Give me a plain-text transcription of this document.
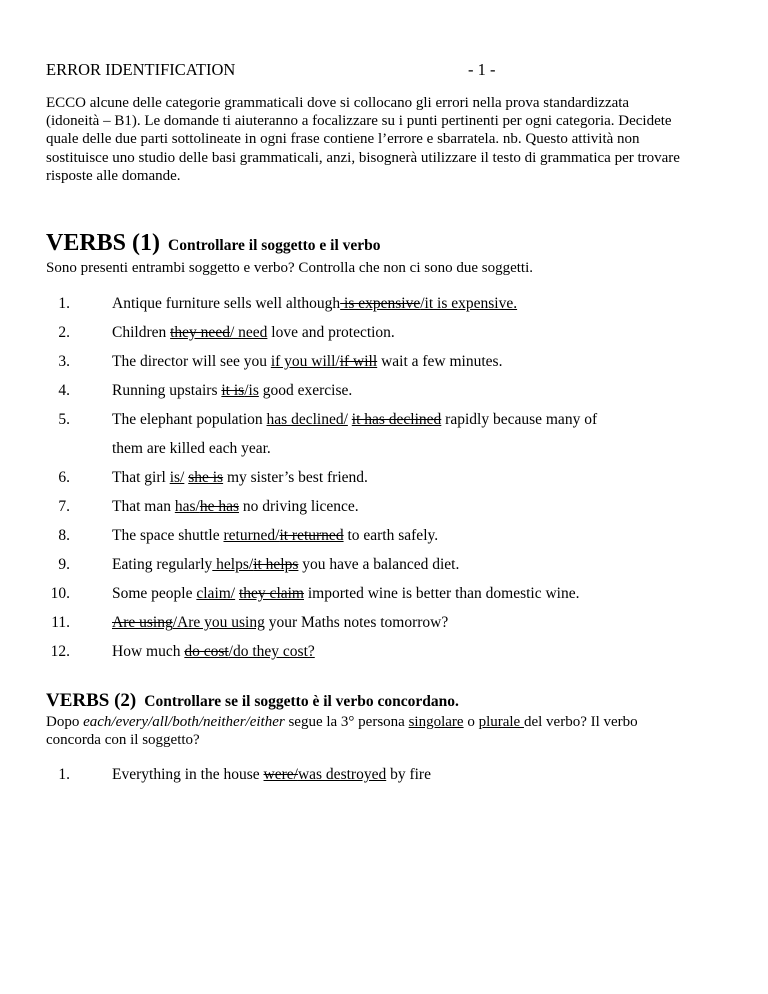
ERROR IDENTIFICATION	- 1 -
ECCO alcune delle categorie grammaticali dove si collocano gli errori nella prova standardizzata (idoneità – B1). Le domande ti aiuteranno a focalizzare su i punti pertinenti per ogni categoria. Decidete quale delle due parti sottolineate in ogni frase contiene l’errore e sbarratela. nb. Questo attività non sostituisce uno studio delle basi grammaticali, anzi, bisognerà utilizzare il testo di grammatica per trovare risposte alle domande.
VERBS (1) Controllare il soggetto e il verbo
Sono presenti entrambi soggetto e verbo? Controlla che non ci sono due soggetti.
1.	Antique furniture sells well although is expensive/it is expensive.
2.	Children they need/ need love and protection.
3.	The director will see you if you will/if will wait a few minutes.
4.	Running upstairs it is/is good exercise.
5.	The elephant population has declined/ it has declined rapidly because many of
them are killed each year.
6.	That girl is/ she is my sister’s best friend.
7.	That man has/he has no driving licence.
8.	The space shuttle returned/it returned to earth safely.
9.	Eating regularly helps/it helps you have a balanced diet.
10.	Some people claim/ they claim imported wine is better than domestic wine.
11.	Are using/Are you using your Maths notes tomorrow?
12.	How much do cost/do they cost?
VERBS (2) Controllare se il soggetto è il verbo concordano.
Dopo each/every/all/both/neither/either segue la 3° persona singolare o plurale del verbo? Il verbo concorda con il soggetto?
1.	Everything in the house were/was destroyed by fire
